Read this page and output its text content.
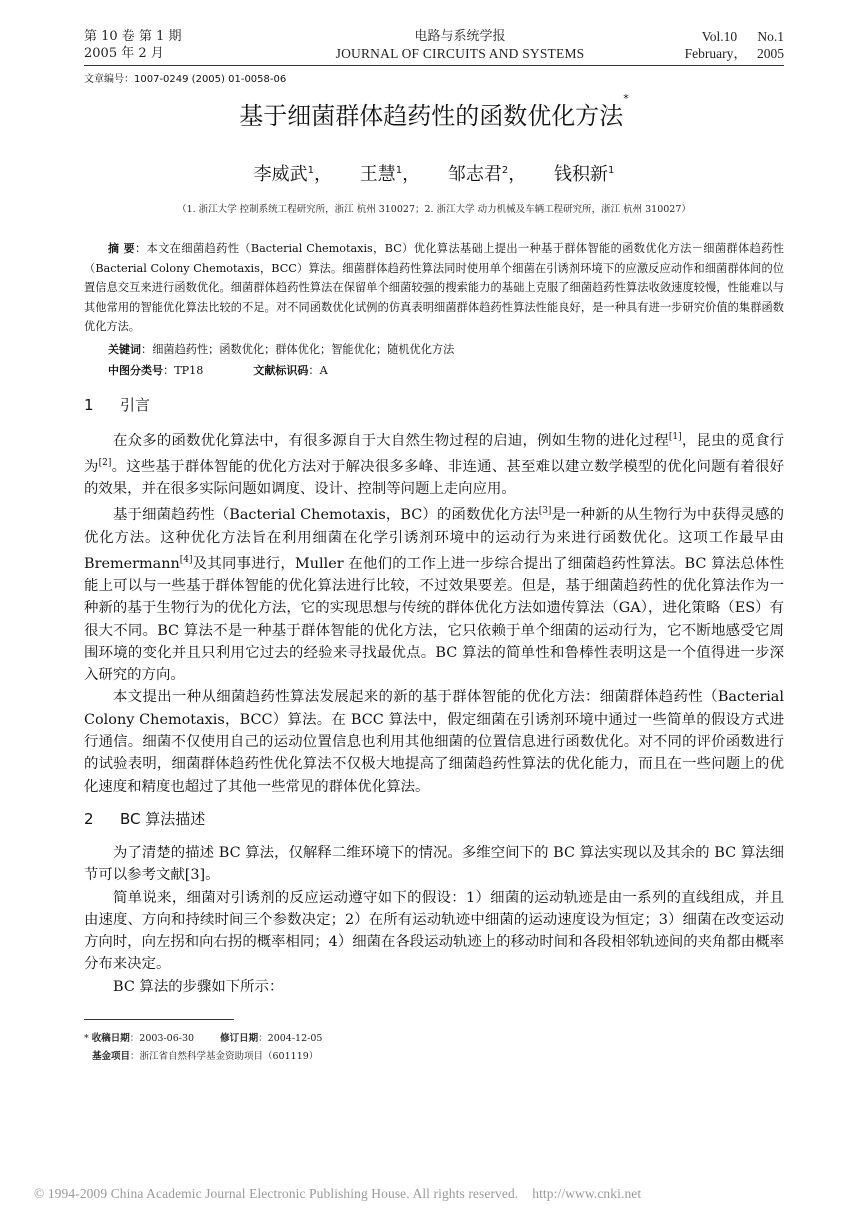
第 10 卷 第 1 期
2005 年 2 月
电路与系统学报
JOURNAL OF CIRCUITS AND SYSTEMS
Vol.10      No.1
February，   2005
文章编号：1007-0249 (2005) 01-0058-06
基于细菌群体趋药性的函数优化方法*
李威武$^1$， 王慧$^1$， 邹志君$^2$， 钱积新$^1$
（1. 浙江大学 控制系统工程研究所，浙江 杭州 310027；2. 浙江大学 动力机械及车辆工程研究所，浙江 杭州 310027）
摘 要：本文在细菌趋药性（Bacterial Chemotaxis，BC）优化算法基础上提出一种基于群体智能的函数优化方法－细菌群体趋药性（Bacterial Colony Chemotaxis，BCC）算法。细菌群体趋药性算法同时使用单个细菌在引诱剂环境下的应激反应动作和细菌群体间的位置信息交互来进行函数优化。细菌群体趋药性算法在保留单个细菌较强的搜索能力的基础上克服了细菌趋药性算法收敛速度较慢，性能难以与其他常用的智能优化算法比较的不足。对不同函数优化试例的仿真表明细菌群体趋药性算法性能良好，是一种具有进一步研究价值的集群函数优化方法。
关键词：细菌趋药性；函数优化；群体优化；智能优化；随机优化方法
中图分类号：TP18	文献标识码：A
1 引言

在众多的函数优化算法中，有很多源自于大自然生物过程的启迪，例如生物的进化过程[1]，昆虫的觅食行为[2]。这些基于群体智能的优化方法对于解决很多多峰、非连通、甚至难以建立数学模型的优化问题有着很好的效果，并在很多实际问题如调度、设计、控制等问题上走向应用。

基于细菌趋药性（Bacterial Chemotaxis，BC）的函数优化方法[3]是一种新的从生物行为中获得灵感的优化方法。这种优化方法旨在利用细菌在化学引诱剂环境中的运动行为来进行函数优化。这项工作最早由 Bremermann[4]及其同事进行，Muller 在他们的工作上进一步综合提出了细菌趋药性算法。BC 算法总体性能上可以与一些基于群体智能的优化算法进行比较，不过效果要差。但是，基于细菌趋药性的优化算法作为一种新的基于生物行为的优化方法，它的实现思想与传统的群体优化方法如遗传算法（GA），进化策略（ES）有很大不同。BC 算法不是一种基于群体智能的优化方法，它只依赖于单个细菌的运动行为，它不断地感受它周围环境的变化并且只利用它过去的经验来寻找最优点。BC 算法的简单性和鲁棒性表明这是一个值得进一步深入研究的方向。

本文提出一种从细菌趋药性算法发展起来的新的基于群体智能的优化方法：细菌群体趋药性（Bacterial Colony Chemotaxis，BCC）算法。在 BCC 算法中，假定细菌在引诱剂环境中通过一些简单的假设方式进行通信。细菌不仅使用自己的运动位置信息也利用其他细菌的位置信息进行函数优化。对不同的评价函数进行的试验表明，细菌群体趋药性优化算法不仅极大地提高了细菌趋药性算法的优化能力，而且在一些问题上的优化速度和精度也超过了其他一些常见的群体优化算法。

2 BC 算法描述

为了清楚的描述 BC 算法，仅解释二维环境下的情况。多维空间下的 BC 算法实现以及其余的 BC 算法细节可以参考文献[3]。

简单说来，细菌对引诱剂的反应运动遵守如下的假设：1）细菌的运动轨迹是由一系列的直线组成，并且由速度、方向和持续时间三个参数决定；2）在所有运动轨迹中细菌的运动速度设为恒定；3）细菌在改变运动方向时，向左拐和向右拐的概率相同；4）细菌在各段运动轨迹上的移动时间和各段相邻轨迹间的夹角都由概率分布来决定。

BC 算法的步骤如下所示：

* 收稿日期：2003-06-30	修订日期：2004-12-05
基金项目：浙江省自然科学基金资助项目（601119）
© 1994-2009 China Academic Journal Electronic Publishing House. All rights reserved.    http://www.cnki.net
